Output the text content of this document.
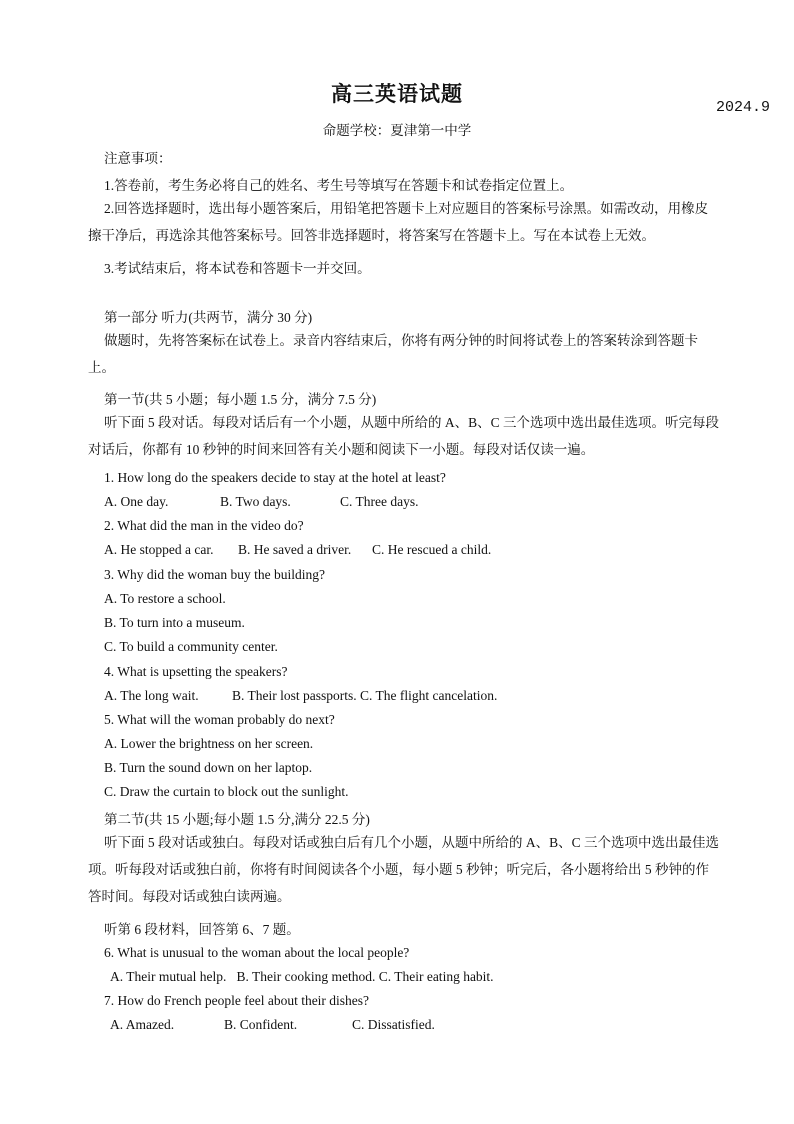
高三英语试题
2024.9
命题学校：夏津第一中学
注意事项：
1.答卷前，考生务必将自己的姓名、考生号等填写在答题卡和试卷指定位置上。
2.回答选择题时，选出每小题答案后，用铅笔把答题卡上对应题目的答案标号涂黑。如需改动，用橡皮擦干净后，再选涂其他答案标号。回答非选择题时，将答案写在答题卡上。写在本试卷上无效。
3.考试结束后，将本试卷和答题卡一并交回。
第一部分 听力(共两节，满分 30 分)
做题时，先将答案标在试卷上。录音内容结束后，你将有两分钟的时间将试卷上的答案转涂到答题卡上。
第一节(共 5 小题；每小题 1.5 分，满分 7.5 分)
听下面 5 段对话。每段对话后有一个小题，从题中所给的 A、B、C 三个选项中选出最佳选项。听完每段对话后，你都有 10 秒钟的时间来回答有关小题和阅读下一小题。每段对话仅读一遍。
1. How long do the speakers decide to stay at the hotel at least?
A. One day.	B. Two days.	C. Three days.
2. What did the man in the video do?
A. He stopped a car. B. He saved a driver. C. He rescued a child.
3. Why did the woman buy the building?
A. To restore a school.
B. To turn into a museum.
C. To build a community center.
4. What is upsetting the speakers?
A. The long wait. B. Their lost passports. C. The flight cancelation.
5. What will the woman probably do next?
A. Lower the brightness on her screen.
B. Turn the sound down on her laptop.
C. Draw the curtain to block out the sunlight.
第二节(共 15 小题;每小题 1.5 分,满分 22.5 分)
听下面 5 段对话或独白。每段对话或独白后有几个小题，从题中所给的 A、B、C 三个选项中选出最佳选项。听每段对话或独白前，你将有时间阅读各个小题，每小题 5 秒钟；听完后，各小题将给出 5 秒钟的作答时间。每段对话或独白读两遍。
听第 6 段材料，回答第 6、7 题。
6. What is unusual to the woman about the local people?
A. Their mutual help.   B. Their cooking method. C. Their eating habit.
7. How do French people feel about their dishes?
A. Amazed.	B. Confident.	C. Dissatisfied.
